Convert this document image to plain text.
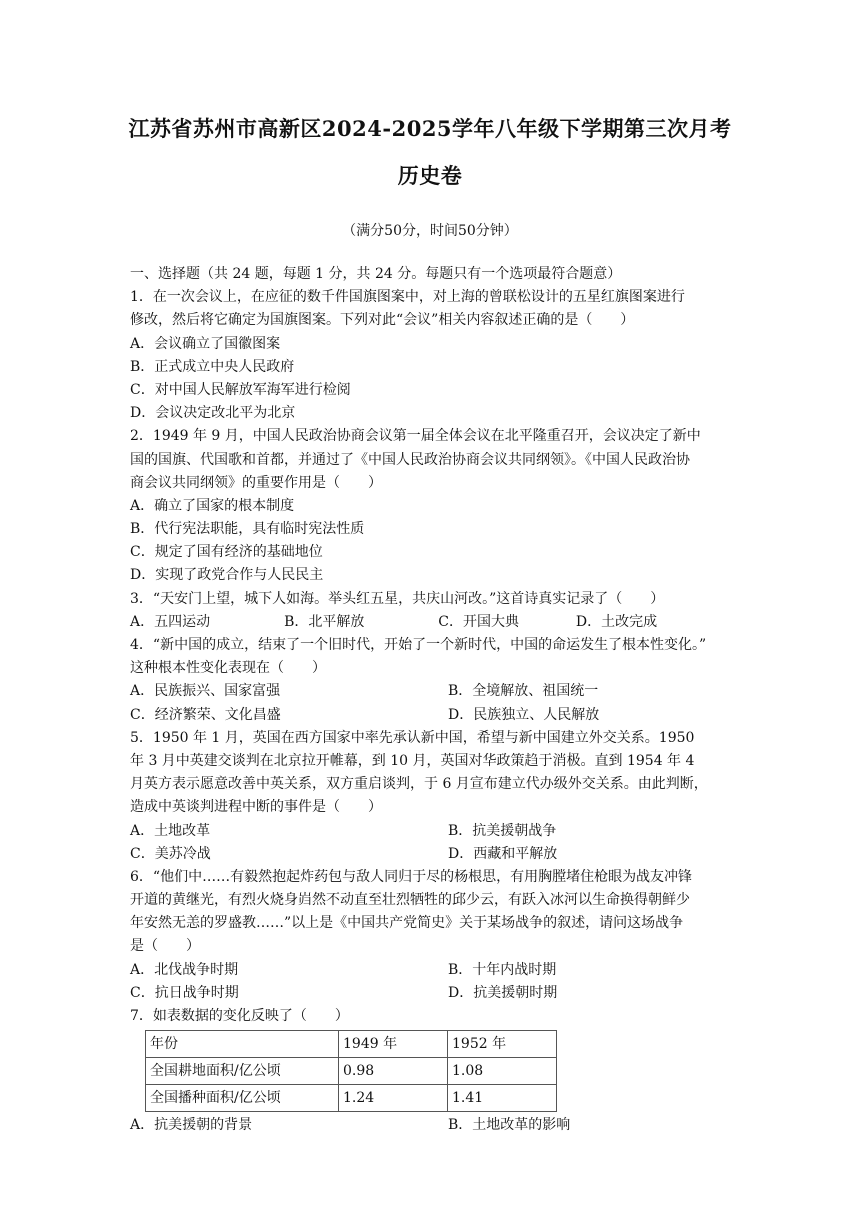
江苏省苏州市高新区2024-2025学年八年级下学期第三次月考
历史卷
（满分50分，时间50分钟）
一、选择题（共 24 题，每题 1 分，共 24 分。每题只有一个选项最符合题意）
1．在一次会议上，在应征的数千件国旗图案中，对上海的曾联松设计的五星红旗图案进行
修改，然后将它确定为国旗图案。下列对此“会议”相关内容叙述正确的是（　　）
A．会议确立了国徽图案
B．正式成立中央人民政府
C．对中国人民解放军海军进行检阅
D．会议决定改北平为北京
2．1949 年 9 月，中国人民政治协商会议第一届全体会议在北平隆重召开，会议决定了新中
国的国旗、代国歌和首都，并通过了《中国人民政治协商会议共同纲领》。《中国人民政治协
商会议共同纲领》的重要作用是（　　）
A．确立了国家的根本制度
B．代行宪法职能，具有临时宪法性质
C．规定了国有经济的基础地位
D．实现了政党合作与人民民主
3．“天安门上望，城下人如海。举头红五星，共庆山河改。”这首诗真实记录了（　　）
A．五四运动	B．北平解放	C．开国大典	D．土改完成
4．“新中国的成立，结束了一个旧时代，开始了一个新时代，中国的命运发生了根本性变化。”
这种根本性变化表现在（　　）
A．民族振兴、国家富强	B．全境解放、祖国统一
C．经济繁荣、文化昌盛	D．民族独立、人民解放
5．1950 年 1 月，英国在西方国家中率先承认新中国，希望与新中国建立外交关系。1950
年 3 月中英建交谈判在北京拉开帷幕，到 10 月，英国对华政策趋于消极。直到 1954 年 4
月英方表示愿意改善中英关系，双方重启谈判，于 6 月宣布建立代办级外交关系。由此判断，
造成中英谈判进程中断的事件是（　　）
A．土地改革	B．抗美援朝战争
C．美苏冷战	D．西藏和平解放
6．“他们中……有毅然抱起炸药包与敌人同归于尽的杨根思，有用胸膛堵住枪眼为战友冲锋
开道的黄继光，有烈火烧身岿然不动直至壮烈牺牲的邱少云，有跃入冰河以生命换得朝鲜少
年安然无恙的罗盛教……”以上是《中国共产党简史》关于某场战争的叙述，请问这场战争
是（　　）
A．北伐战争时期	B．十年内战时期
C．抗日战争时期	D．抗美援朝时期
7．如表数据的变化反映了（　　）
年份	1949 年	1952 年
全国耕地面积/亿公顷	0.98	1.08
全国播种面积/亿公顷	1.24	1.41
A．抗美援朝的背景	B．土地改革的影响
